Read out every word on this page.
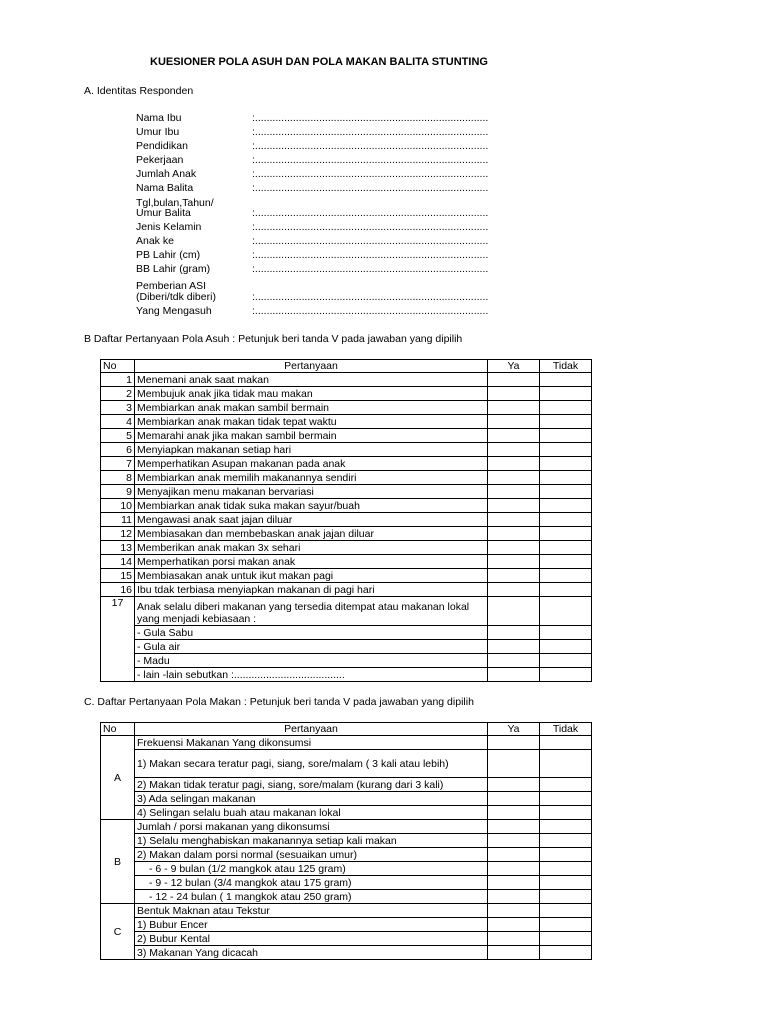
KUESIONER POLA ASUH DAN POLA MAKAN BALITA STUNTING
A. Identitas Responden
Nama Ibu	:................................................................................
Umur Ibu	:................................................................................
Pendidikan	:................................................................................
Pekerjaan	:................................................................................
Jumlah Anak	:................................................................................
Nama Balita	:................................................................................
Tgl,bulan,Tahun/
Umur Balita	:................................................................................
Jenis Kelamin	:................................................................................
Anak ke	:................................................................................
PB Lahir (cm)	:................................................................................
BB Lahir (gram)	:................................................................................
Pemberian ASI
(Diberi/tdk diberi)	:................................................................................
Yang Mengasuh	:................................................................................
B Daftar Pertanyaan Pola Asuh : Petunjuk beri tanda V pada jawaban yang dipilih
No	Pertanyaan	Ya	Tidak
1	Menemani anak saat makan		
2	Membujuk anak jika tidak mau makan		
3	Membiarkan anak makan sambil bermain		
4	Membiarkan anak makan tidak tepat waktu		
5	Memarahi anak jika makan sambil bermain		
6	Menyiapkan makanan setiap hari		
7	Memperhatikan Asupan makanan pada anak		
8	Membiarkan anak memilih makanannya sendiri		
9	Menyajikan menu makanan bervariasi		
10	Membiarkan anak tidak suka makan sayur/buah		
11	Mengawasi anak saat jajan diluar		
12	Membiasakan dan membebaskan anak jajan diluar		
13	Memberikan anak makan 3x sehari		
14	Memperhatikan porsi makan anak		
15	Membiasakan anak untuk ikut makan pagi		
16	Ibu tdak terbiasa menyiapkan makanan di pagi hari		
17	Anak selalu diberi makanan yang tersedia ditempat atau makanan lokal yang menjadi kebiasaan :		
	- Gula Sabu		
	- Gula air		
	- Madu		
	- lain -lain sebutkan :......................................		
C. Daftar Pertanyaan Pola Makan : Petunjuk beri tanda V pada jawaban yang dipilih
No	Pertanyaan	Ya	Tidak
A	Frekuensi Makanan Yang dikonsumsi		
	1) Makan secara teratur pagi, siang, sore/malam ( 3 kali atau lebih)		
	2) Makan tidak teratur pagi, siang, sore/malam (kurang dari 3 kali)		
	3) Ada selingan makanan		
	4) Selingan selalu buah atau makanan lokal		
B	Jumlah / porsi makanan yang dikonsumsi		
	1) Selalu menghabiskan makanannya setiap kali makan		
	2) Makan dalam porsi normal (sesuaikan umur)		
	- 6 - 9 bulan (1/2 mangkok atau 125 gram)		
	- 9 - 12 bulan (3/4 mangkok atau 175 gram)		
	- 12 - 24 bulan ( 1 mangkok atau 250 gram)		
C	Bentuk Maknan atau Tekstur		
	1) Bubur Encer		
	2) Bubur Kental		
	3) Makanan Yang dicacah		
